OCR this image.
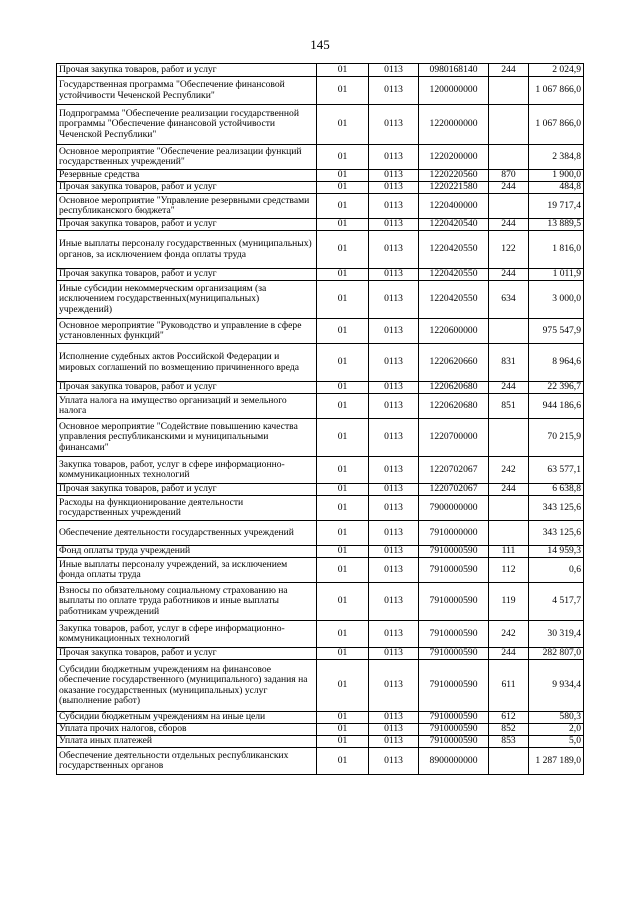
145
Прочая закупка товаров, работ и услуг	01	0113	0980168140	244	2 024,9
Государственная программа "Обеспечение финансовой устойчивости Чеченской Республики"	01	0113	1200000000		1 067 866,0
Подпрограмма "Обеспечение реализации государственной программы "Обеспечение финансовой устойчивости Чеченской Республики"	01	0113	1220000000		1 067 866,0
Основное мероприятие "Обеспечение реализации функций государственных учреждений"	01	0113	1220200000		2 384,8
Резервные средства	01	0113	1220220560	870	1 900,0
Прочая закупка товаров, работ и услуг	01	0113	1220221580	244	484,8
Основное мероприятие "Управление резервными средствами республиканского бюджета"	01	0113	1220400000		19 717,4
Прочая закупка товаров, работ и услуг	01	0113	1220420540	244	13 889,5
Иные выплаты персоналу государственных (муниципальных) органов, за исключением фонда оплаты труда	01	0113	1220420550	122	1 816,0
Прочая закупка товаров, работ и услуг	01	0113	1220420550	244	1 011,9
Иные субсидии некоммерческим организациям (за исключением государственных(муниципальных) учреждений)	01	0113	1220420550	634	3 000,0
Основное мероприятие "Руководство и управление в сфере установленных функций"	01	0113	1220600000		975 547,9
Исполнение судебных актов Российской Федерации и мировых соглашений по возмещению причиненного вреда	01	0113	1220620660	831	8 964,6
Прочая закупка товаров, работ и услуг	01	0113	1220620680	244	22 396,7
Уплата налога на имущество организаций и земельного налога	01	0113	1220620680	851	944 186,6
Основное мероприятие "Содействие повышению качества управления республиканскими и муниципальными финансами"	01	0113	1220700000		70 215,9
Закупка товаров, работ, услуг в сфере информационно-коммуникационных технологий	01	0113	1220702067	242	63 577,1
Прочая закупка товаров, работ и услуг	01	0113	1220702067	244	6 638,8
Расходы на функционирование деятельности государственных учреждений	01	0113	7900000000		343 125,6
Обеспечение деятельности государственных учреждений	01	0113	7910000000		343 125,6
Фонд оплаты труда учреждений	01	0113	7910000590	111	14 959,3
Иные выплаты персоналу учреждений, за исключением фонда оплаты труда	01	0113	7910000590	112	0,6
Взносы по обязательному социальному страхованию на выплаты по оплате труда работников и иные выплаты работникам учреждений	01	0113	7910000590	119	4 517,7
Закупка товаров, работ, услуг в сфере информационно-коммуникационных технологий	01	0113	7910000590	242	30 319,4
Прочая закупка товаров, работ и услуг	01	0113	7910000590	244	282 807,0
Субсидии бюджетным учреждениям на финансовое обеспечение государственного (муниципального) задания на оказание государственных (муниципальных) услуг (выполнение работ)	01	0113	7910000590	611	9 934,4
Субсидии бюджетным учреждениям на иные цели	01	0113	7910000590	612	580,3
Уплата прочих налогов, сборов	01	0113	7910000590	852	2,0
Уплата иных платежей	01	0113	7910000590	853	5,0
Обеспечение деятельности отдельных республиканских государственных органов	01	0113	8900000000		1 287 189,0
